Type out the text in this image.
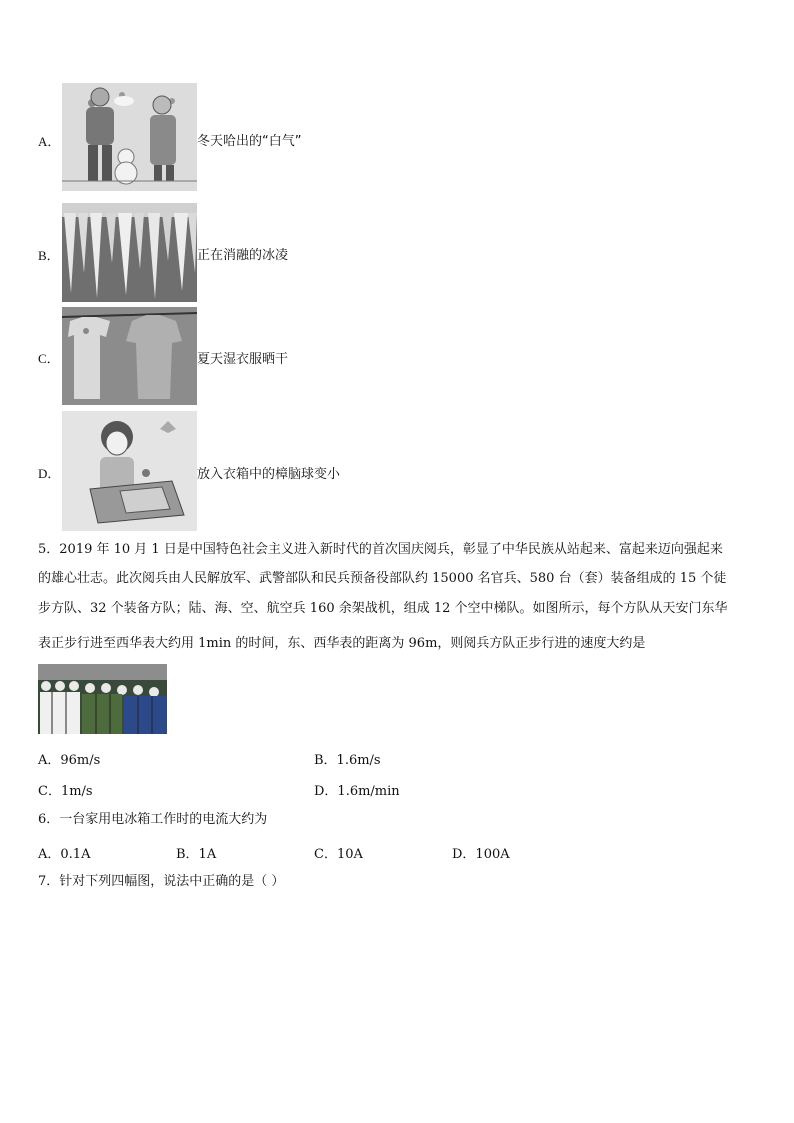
A．	冬天哈出的“白气”
B．	正在消融的冰凌
C．	夏天湿衣服晒干
D．	放入衣箱中的樟脑球变小
5．2019 年 10 月 1 日是中国特色社会主义进入新时代的首次国庆阅兵，彰显了中华民族从站起来、富起来迈向强起来
的雄心壮志。此次阅兵由人民解放军、武警部队和民兵预备役部队约 15000 名官兵、580 台（套）装备组成的 15 个徒
步方队、32 个装备方队；陆、海、空、航空兵 160 余架战机，组成 12 个空中梯队。如图所示，每个方队从天安门东华
表正步行进至西华表大约用 1min 的时间，东、西华表的距离为 96m，则阅兵方队正步行进的速度大约是
A．96m/s	B．1.6m/s
C．1m/s	D．1.6m/min
6．一台家用电冰箱工作时的电流大约为
A．0.1A	B．1A	C．10A	D．100A
7．针对下列四幅图，说法中正确的是（ ）
